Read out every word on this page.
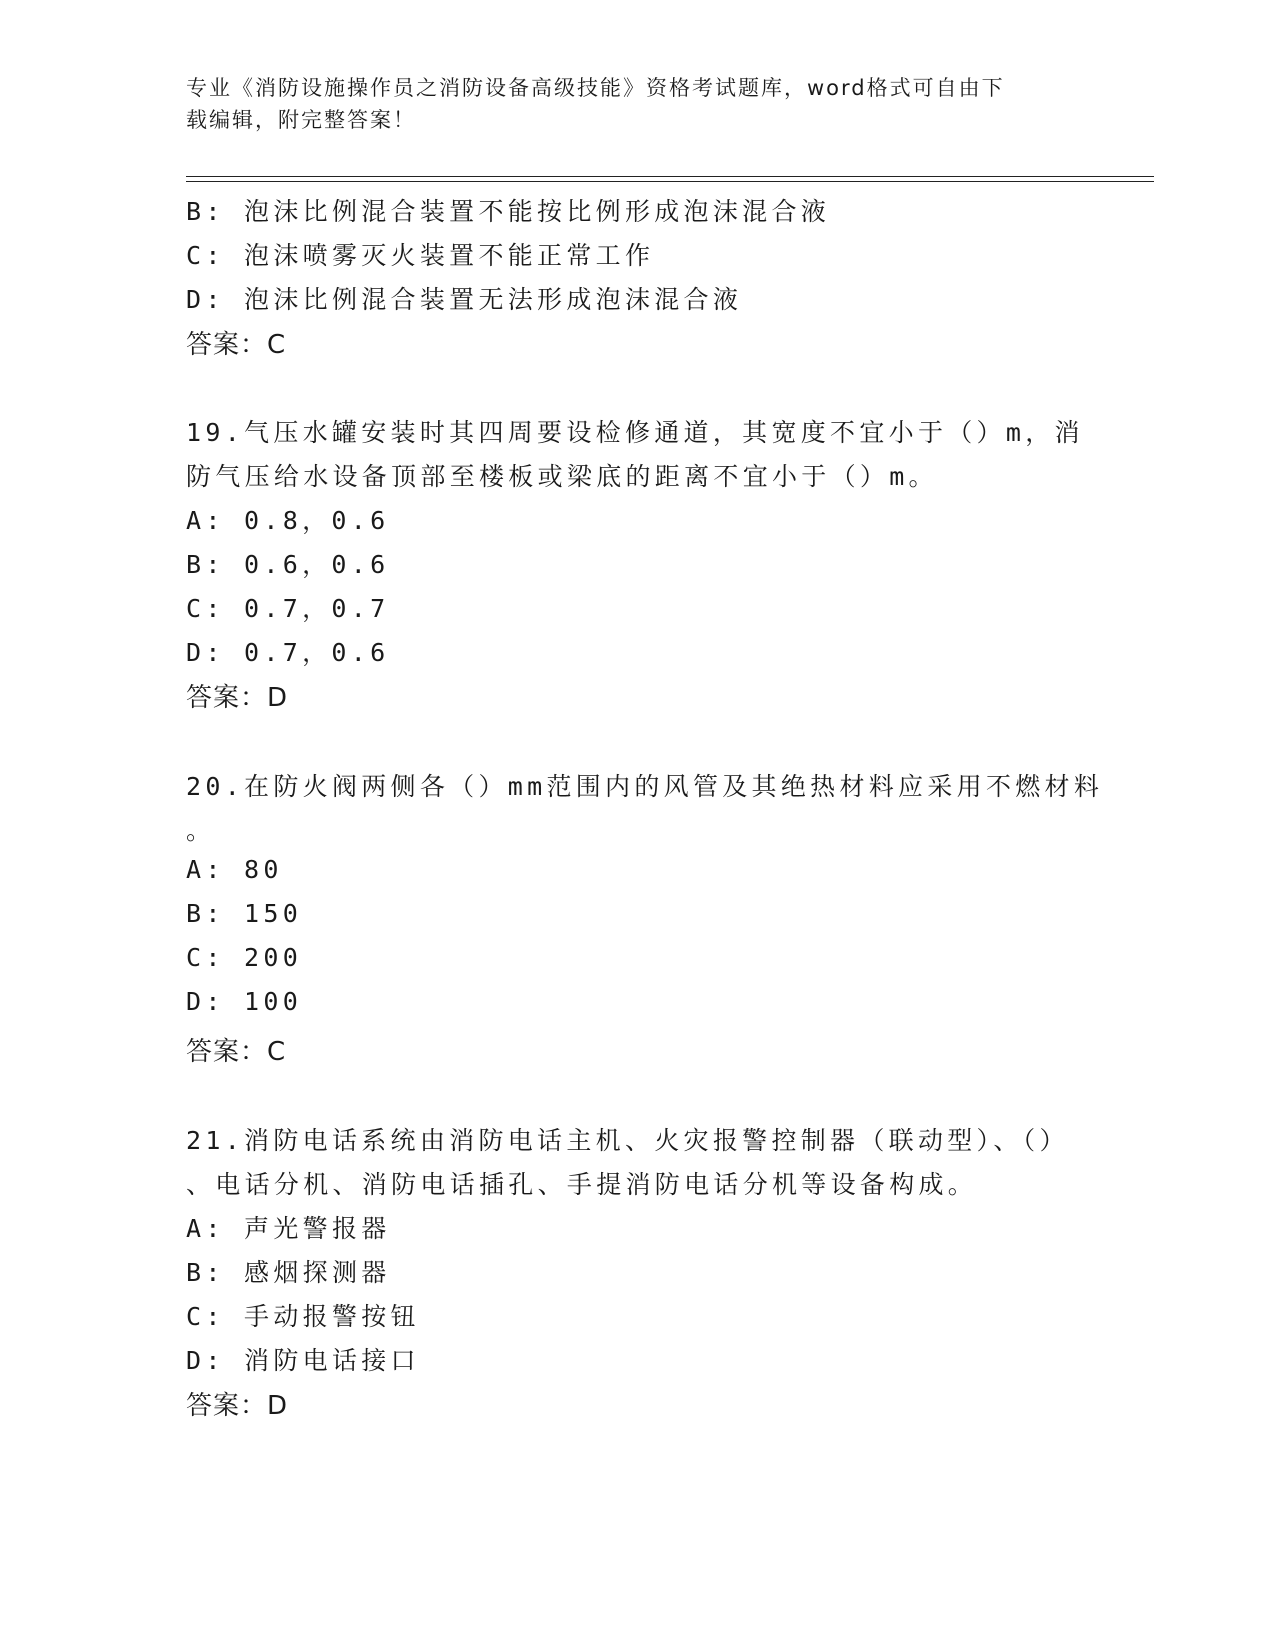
专业《消防设施操作员之消防设备高级技能》资格考试题库，word格式可自由下
载编辑，附完整答案！
B: 泡沫比例混合装置不能按比例形成泡沫混合液
C: 泡沫喷雾灭火装置不能正常工作
D: 泡沫比例混合装置无法形成泡沫混合液
答案：C
19.气压水罐安装时其四周要设检修通道，其宽度不宜小于（）m，消
防气压给水设备顶部至楼板或梁底的距离不宜小于（）m。
A: 0.8，0.6
B: 0.6，0.6
C: 0.7，0.7
D: 0.7，0.6
答案：D
20.在防火阀两侧各（）mm范围内的风管及其绝热材料应采用不燃材料
。
A: 80
B: 150
C: 200
D: 100
答案：C
21.消防电话系统由消防电话主机、火灾报警控制器（联动型）、（）
、电话分机、消防电话插孔、手提消防电话分机等设备构成。
A: 声光警报器
B: 感烟探测器
C: 手动报警按钮
D: 消防电话接口
答案：D
